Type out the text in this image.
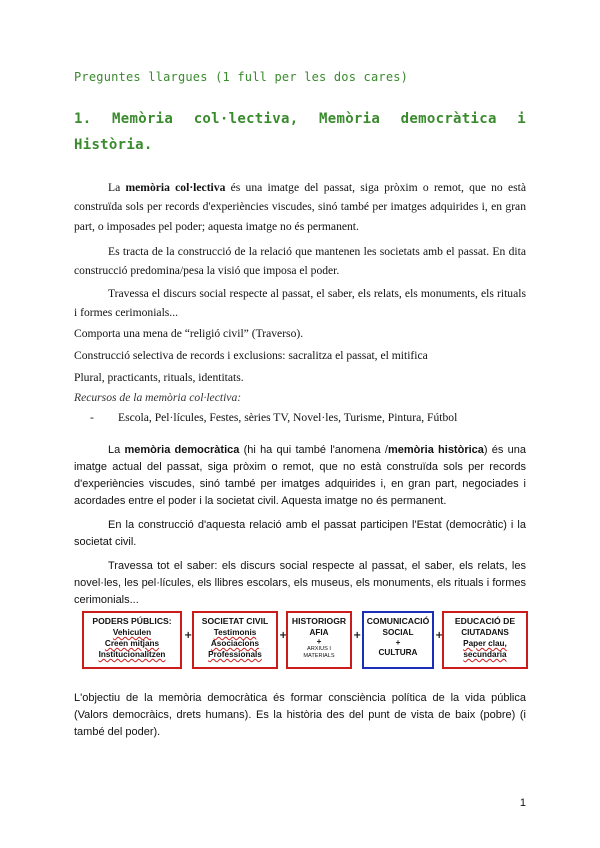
Preguntes llargues (1 full per les dos cares)
1. Memòria col·lectiva, Memòria democràtica i Història.
La memòria col·lectiva és una imatge del passat, siga pròxim o remot, que no està construïda sols per records d'experiències viscudes, sinó també per imatges adquirides i, en gran part, o imposades pel poder; aquesta imatge no és permanent.
Es tracta de la construcció de la relació que mantenen les societats amb el passat. En dita construcció predomina/pesa la visió que imposa el poder.
Travessa el discurs social respecte al passat, el saber, els relats, els monuments, els rituals i formes cerimonials...
Comporta una mena de “religió civil” (Traverso).
Construcció selectiva de records i exclusions: sacralitza el passat, el mitifica
Plural, practicants, rituals, identitats.
Recursos de la memòria col·lectiva:
-	Escola, Pel·lícules, Festes, sèries TV, Novel·les, Turisme, Pintura, Fútbol
La memòria democràtica (hi ha qui també l'anomena /memòria històrica) és una imatge actual del passat, siga pròxim o remot, que no està construïda sols per records d'experiències viscudes, sinó també per imatges adquirides i, en gran part, negociades i acordades entre el poder i la societat civil. Aquesta imatge no és permanent.
En la construcció d'aquesta relació amb el passat participen l'Estat (democràtic) i la societat civil.
Travessa tot el saber: els discurs social respecte al passat, el saber, els relats, les novel·les, les pel·lícules, els llibres escolars, els museus, els monuments, els rituals i formes cerimonials...
PODERS PÚBLICS:
Vehiculen
Creen mitjans
Institucionalitzen
+
SOCIETAT CIVIL
Testimonis
Asociacions
Professionals
+
HISTORIOGR
AFIA
+
ARXIUS I
MATERIALS
+
COMUNICACIÓ
SOCIAL
+
CULTURA
+
EDUCACIÓ DE
CIUTADANS
Paper clau,
secundaria
L'objectiu de la memòria democràtica és formar consciència política de la vida pública (Valors democràics, drets humans). Es la història des del punt de vista de baix (pobre) (i també del poder).
1
